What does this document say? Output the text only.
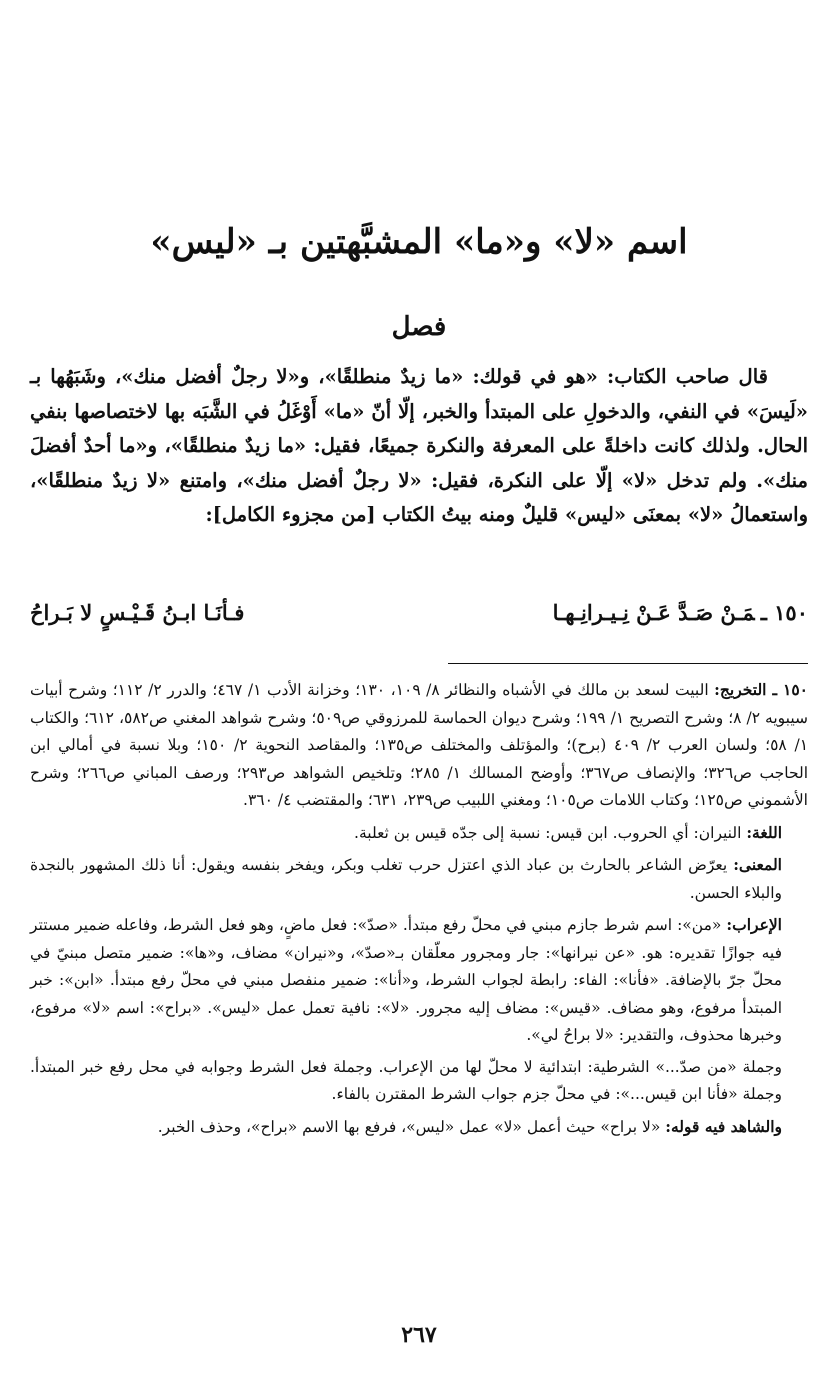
اسم «لا» و«ما» المشبَّهتين بـ «ليس»
فصل

قال صاحب الكتاب: «هو في قولك: «ما زيدٌ منطلقًا»، و«لا رجلٌ أفضل منك»، وشَبَهُها بـ «لَيسَ» في النفي، والدخولِ على المبتدأ والخبر، إلّا أنّ «ما» أَوْغَلُ في الشَّبَه بها لاختصاصها بنفي الحال. ولذلك كانت داخلةً على المعرفة والنكرة جميعًا، فقيل: «ما زيدٌ منطلقًا»، و«ما أحدٌ أفضلَ منك». ولم تدخل «لا» إلّا على النكرة، فقيل: «لا رجلٌ أفضل منك»، وامتنع «لا زيدٌ منطلقًا»، واستعمالُ «لا» بمعنَى «ليس» قليلٌ ومنه بيتُ الكتاب [من مجزوء الكامل]:

١٥٠ ـمَـنْ صَـدَّ عَـنْ نِـيـرانِـهـا
فـأنَـا ابـنُ قَـيْـسٍ لا بَـراحُ

١٥٠ ـ التخريج: البيت لسعد بن مالك في الأشباه والنظائر ٨/ ١٠٩، ١٣٠؛ وخزانة الأدب ١/ ٤٦٧؛ والدرر ٢/ ١١٢؛ وشرح أبيات سيبويه ٢/ ٨؛ وشرح التصريح ١/ ١٩٩؛ وشرح ديوان الحماسة للمرزوقي ص٥٠٩؛ وشرح شواهد المغني ص٥٨٢، ٦١٢؛ والكتاب ١/ ٥٨؛ ولسان العرب ٢/ ٤٠٩ (برح)؛ والمؤتلف والمختلف ص١٣٥؛ والمقاصد النحوية ٢/ ١٥٠؛ وبلا نسبة في أمالي ابن الحاجب ص٣٢٦؛ والإنصاف ص٣٦٧؛ وأوضح المسالك ١/ ٢٨٥؛ وتلخيص الشواهد ص٢٩٣؛ ورصف المباني ص٢٦٦؛ وشرح الأشموني ص١٢٥؛ وكتاب اللامات ص١٠٥؛ ومغني اللبيب ص٢٣٩، ٦٣١؛ والمقتضب ٤/ ٣٦٠.

اللغة: النيران: أي الحروب. ابن قيس: نسبة إلى جدّه قيس بن ثعلبة.

المعنى: يعرّض الشاعر بالحارث بن عباد الذي اعتزل حرب تغلب وبكر، ويفخر بنفسه ويقول: أنا ذلك المشهور بالنجدة والبلاء الحسن.

الإعراب: «من»: اسم شرط جازم مبني في محلّ رفع مبتدأ. «صدّ»: فعل ماضٍ، وهو فعل الشرط، وفاعله ضمير مستتر فيه جوازًا تقديره: هو. «عن نيرانها»: جار ومجرور معلّقان بـ«صدّ»، و«نيران» مضاف، و«ها»: ضمير متصل مبنيّ في محلّ جرّ بالإضافة. «فأنا»: الفاء: رابطة لجواب الشرط، و«أنا»: ضمير منفصل مبني في محلّ رفع مبتدأ. «ابن»: خبر المبتدأ مرفوع، وهو مضاف. «قيس»: مضاف إليه مجرور. «لا»: نافية تعمل عمل «ليس». «براح»: اسم «لا» مرفوع، وخبرها محذوف، والتقدير: «لا براحُ لي».

وجملة «من صدّ...» الشرطية: ابتدائية لا محلّ لها من الإعراب. وجملة فعل الشرط وجوابه في محل رفع خبر المبتدأ. وجملة «فأنا ابن قيس...»: في محلّ جزم جواب الشرط المقترن بالفاء.

والشاهد فيه قوله: «لا براح» حيث أعمل «لا» عمل «ليس»، فرفع بها الاسم «براح»، وحذف الخبر.

٢٦٧
